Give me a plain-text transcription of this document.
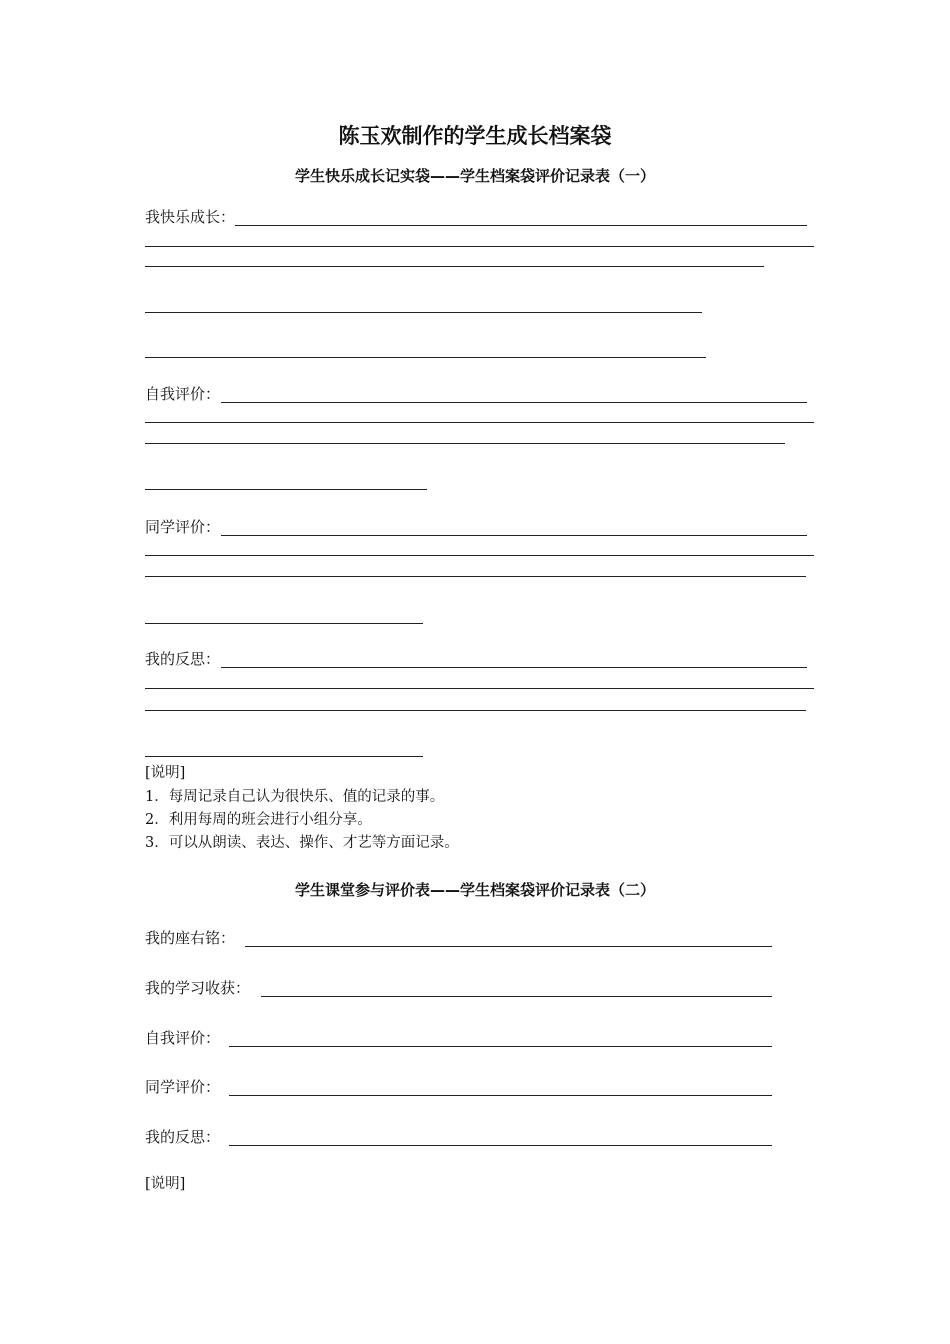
陈玉欢制作的学生成长档案袋
学生快乐成长记实袋——学生档案袋评价记录表（一）
我快乐成长：
自我评价：
同学评价：
我的反思：
[说明]
1．每周记录自己认为很快乐、值的记录的事。
2．利用每周的班会进行小组分享。
3．可以从朗读、表达、操作、才艺等方面记录。
学生课堂参与评价表——学生档案袋评价记录表（二）
我的座右铭：
我的学习收获：
自我评价：
同学评价：
我的反思：
[说明]
